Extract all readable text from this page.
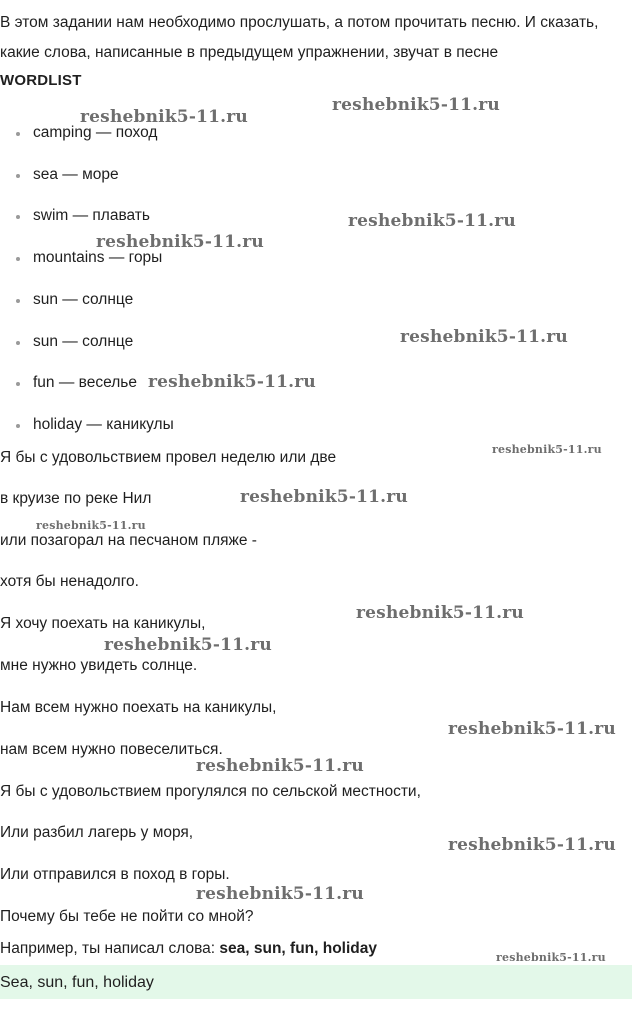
В этом задании нам необходимо прослушать, а потом прочитать песню. И сказать, какие слова, написанные в предыдущем упражнении, звучат в песне

WORDLIST
camping — поход
sea — море
swim — плавать
mountains — горы
sun — солнце
sun — солнце
fun — веселье
holiday — каникулы

Я бы с удовольствием провел неделю или две

в круизе по реке Нил

или позагорал на песчаном пляже -

хотя бы ненадолго.

Я хочу поехать на каникулы,

мне нужно увидеть солнце.

Нам всем нужно поехать на каникулы,

нам всем нужно повеселиться.

Я бы с удовольствием прогулялся по сельской местности,

Или разбил лагерь у моря,

Или отправился в поход в горы.

Почему бы тебе не пойти со мной?

Например, ты написал слова: sea, sun, fun, holiday

Sea, sun, fun, holiday
reshebnik5-11.ru
reshebnik5-11.ru
reshebnik5-11.ru
reshebnik5-11.ru
reshebnik5-11.ru
reshebnik5-11.ru
reshebnik5-11.ru
reshebnik5-11.ru
reshebnik5-11.ru
reshebnik5-11.ru
reshebnik5-11.ru
reshebnik5-11.ru
reshebnik5-11.ru
reshebnik5-11.ru
reshebnik5-11.ru
reshebnik5-11.ru
